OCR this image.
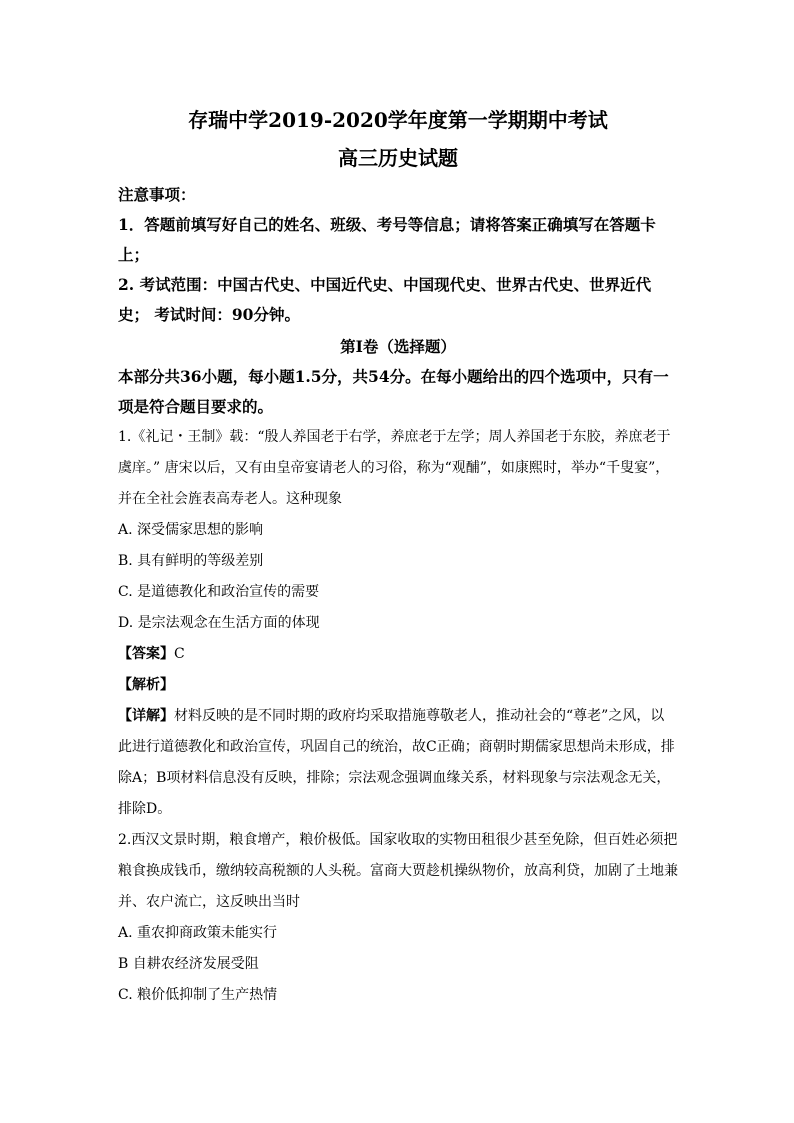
存瑞中学2019-2020学年度第一学期期中考试
高三历史试题

注意事项：

1．答题前填写好自己的姓名、班级、考号等信息；请将答案正确填写在答题卡上；

2. 考试范围：中国古代史、中国近代史、中国现代史、世界古代史、世界近代史； 考试时间：90分钟。

第Ⅰ卷（选择题）

本部分共36小题，每小题1.5分，共54分。在每小题给出的四个选项中，只有一项是符合题目要求的。

1.《礼记・王制》载：“殷人养国老于右学，养庶老于左学；周人养国老于东胶，养庶老于虞庠。” 唐宋以后，又有由皇帝宴请老人的习俗，称为“观酺”，如康熙时，举办“千叟宴”，并在全社会旌表高寿老人。这种现象

A. 深受儒家思想的影响

B. 具有鲜明的等级差别

C. 是道德教化和政治宣传的需要

D. 是宗法观念在生活方面的体现

【答案】C

【解析】

【详解】材料反映的是不同时期的政府均采取措施尊敬老人，推动社会的“尊老”之风，以此进行道德教化和政治宣传，巩固自己的统治，故C正确；商朝时期儒家思想尚未形成，排除A；B项材料信息没有反映，排除；宗法观念强调血缘关系，材料现象与宗法观念无关，排除D。

2.西汉文景时期，粮食增产，粮价极低。国家收取的实物田租很少甚至免除，但百姓必须把粮食换成钱币，缴纳较高税额的人头税。富商大贾趁机操纵物价，放高利贷，加剧了土地兼并、农户流亡，这反映出当时

A. 重农抑商政策未能实行

B 自耕农经济发展受阻

C. 粮价低抑制了生产热情
